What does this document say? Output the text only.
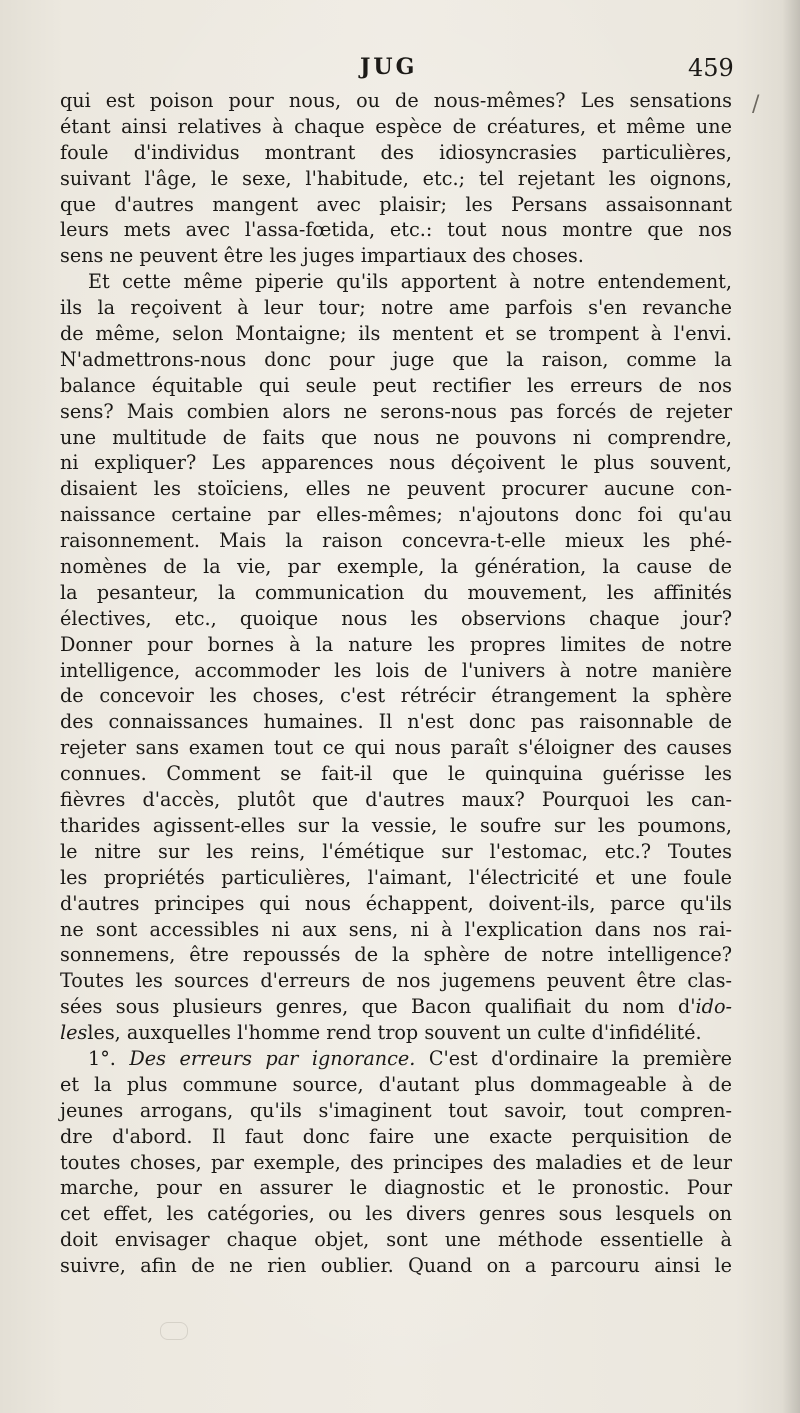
JUG	459
/
qui est poison pour nous, ou de nous-mêmes? Les sensations
étant ainsi relatives à chaque espèce de créatures, et même une
foule d'individus montrant des idiosyncrasies particulières,
suivant l'âge, le sexe, l'habitude, etc.; tel rejetant les oignons,
que d'autres mangent avec plaisir; les Persans assaisonnant
leurs mets avec l'assa-fœtida, etc.: tout nous montre que nos
sens ne peuvent être les juges impartiaux des choses.
Et cette même piperie qu'ils apportent à notre entendement,
ils la reçoivent à leur tour; notre ame parfois s'en revanche
de même, selon Montaigne; ils mentent et se trompent à l'envi.
N'admettrons-nous donc pour juge que la raison, comme la
balance équitable qui seule peut rectifier les erreurs de nos
sens? Mais combien alors ne serons-nous pas forcés de rejeter
une multitude de faits que nous ne pouvons ni comprendre,
ni expliquer? Les apparences nous déçoivent le plus souvent,
disaient les stoïciens, elles ne peuvent procurer aucune con-
naissance certaine par elles-mêmes; n'ajoutons donc foi qu'au
raisonnement. Mais la raison concevra-t-elle mieux les phé-
nomènes de la vie, par exemple, la génération, la cause de
la pesanteur, la communication du mouvement, les affinités
électives, etc., quoique nous les observions chaque jour?
Donner pour bornes à la nature les propres limites de notre
intelligence, accommoder les lois de l'univers à notre manière
de concevoir les choses, c'est rétrécir étrangement la sphère
des connaissances humaines. Il n'est donc pas raisonnable de
rejeter sans examen tout ce qui nous paraît s'éloigner des causes
connues. Comment se fait-il que le quinquina guérisse les
fièvres d'accès, plutôt que d'autres maux? Pourquoi les can-
tharides agissent-elles sur la vessie, le soufre sur les poumons,
le nitre sur les reins, l'émétique sur l'estomac, etc.? Toutes
les propriétés particulières, l'aimant, l'électricité et une foule
d'autres principes qui nous échappent, doivent-ils, parce qu'ils
ne sont accessibles ni aux sens, ni à l'explication dans nos rai-
sonnemens, être repoussés de la sphère de notre intelligence?
Toutes les sources d'erreurs de nos jugemens peuvent être clas-
sées sous plusieurs genres, que Bacon qualifiait du nom d'ido-
lesles, auxquelles l'homme rend trop souvent un culte d'infidélité.
1°. Des erreurs par ignorance. C'est d'ordinaire la première
et la plus commune source, d'autant plus dommageable à de
jeunes arrogans, qu'ils s'imaginent tout savoir, tout compren-
dre d'abord. Il faut donc faire une exacte perquisition de
toutes choses, par exemple, des principes des maladies et de leur
marche, pour en assurer le diagnostic et le pronostic. Pour
cet effet, les catégories, ou les divers genres sous lesquels on
doit envisager chaque objet, sont une méthode essentielle à
suivre, afin de ne rien oublier. Quand on a parcouru ainsi le
